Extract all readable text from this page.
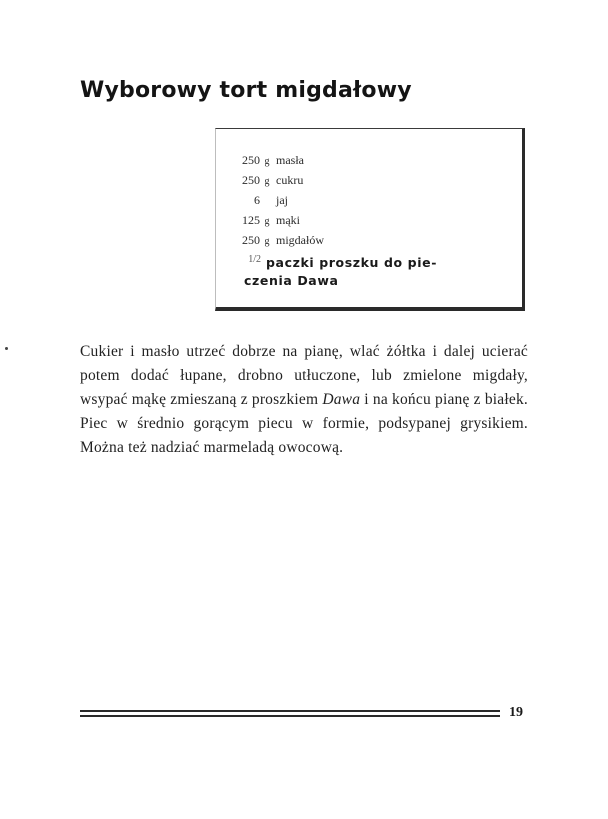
Wyborowy tort migdałowy
250 g masła
250 g cukru
6 jaj
125 g mąki
250 g migdałów
1/2 paczki proszku do pie-
czenia Dawa

Cukier i masło utrzeć dobrze na pianę, wlać żółtka i dalej ucierać potem dodać łupane, drobno utłuczone, lub zmielone migdały, wsypać mąkę zmieszaną z proszkiem Dawa i na końcu pianę z białek. Piec w średnio gorącym piecu w formie, podsypanej grysikiem. Można też nadziać marmeladą owocową.

19
